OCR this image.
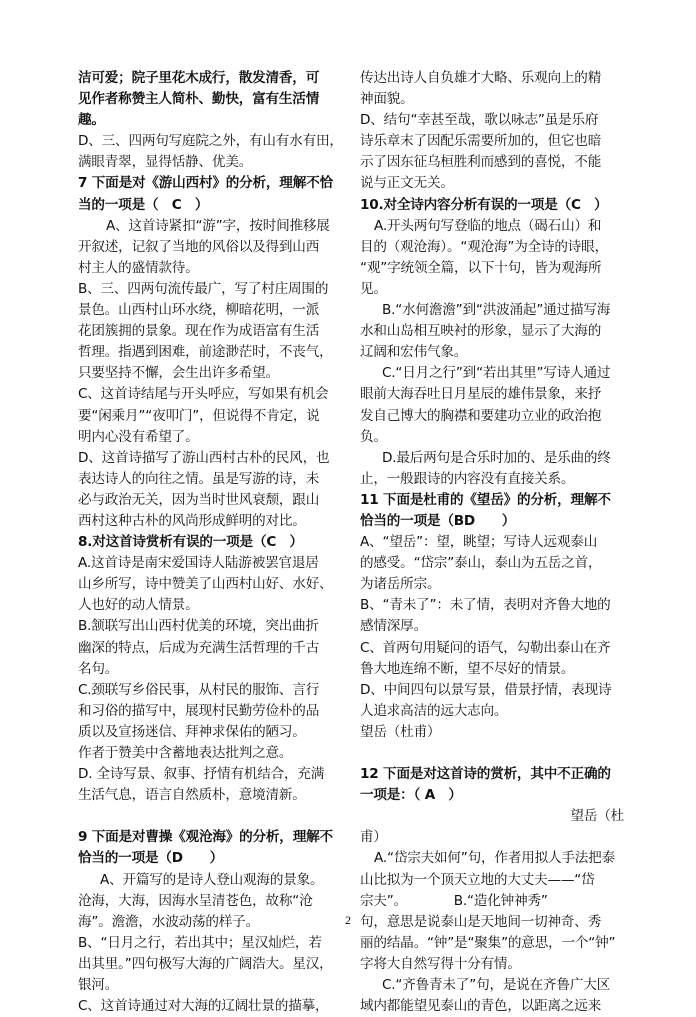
洁可爱；院子里花木成行，散发清香，可
见作者称赞主人简朴、勤快，富有生活情
趣。
D、三、四两句写庭院之外，有山有水有田，
满眼青翠，显得恬静、优美。
7 下面是对《游山西村》的分析，理解不恰
当的一项是（　C　）
A、这首诗紧扣“游”字，按时间推移展
开叙述，记叙了当地的风俗以及得到山西
村主人的盛情款待。
B、三、四两句流传最广，写了村庄周围的
景色。山西村山环水绕，柳暗花明，一派
花团簇拥的景象。现在作为成语富有生活
哲理。指遇到困难，前途渺茫时，不丧气，
只要坚持不懈，会生出许多希望。
C、这首诗结尾与开头呼应，写如果有机会
要“闲乘月”“夜叩门”，但说得不肯定，说
明内心没有希望了。
D、这首诗描写了游山西村古朴的民风，也
表达诗人的向往之情。虽是写游的诗，未
必与政治无关，因为当时世风衰颓，跟山
西村这种古朴的风尚形成鲜明的对比。
8.对这首诗赏析有误的一项是（C　）
A.这首诗是南宋爱国诗人陆游被罢官退居
山乡所写，诗中赞美了山西村山好、水好、
人也好的动人情景。
B.颔联写出山西村优美的环境，突出曲折
幽深的特点，后成为充满生活哲理的千古
名句。
C.颈联写乡俗民事，从村民的服饰、言行
和习俗的描写中，展现村民勤劳俭朴的品
质以及宣扬迷信、拜神求保佑的陋习。
作者于赞美中含蓄地表达批判之意。
D. 全诗写景、叙事、抒情有机结合，充满
生活气息，语言自然质朴，意境清新。
9 下面是对曹操《观沧海》的分析，理解不
恰当的一项是（D　　）
A、开篇写的是诗人登山观海的景象。
沧海，大海，因海水呈清苍色，故称“沧
海”。澹澹，水波动荡的样子。
B、“日月之行，若出其中；星汉灿烂，若
出其里。”四句极写大海的广阔浩大。星汉，
银河。
C、这首诗通过对大海的辽阔壮景的描摹，
传达出诗人自负雄才大略、乐观向上的精
神面貌。
D、结句“幸甚至哉，歌以咏志”虽是乐府
诗乐章末了因配乐需要所加的，但它也暗
示了因东征乌桓胜利而感到的喜悦，不能
说与正文无关。
10.对全诗内容分析有误的一项是（C　）
A.开头两句写登临的地点（碣石山）和
目的（观沧海）。“观沧海”为全诗的诗眼，
“观”字统领全篇，以下十句，皆为观海所
见。
B.“水何澹澹”到“洪波涌起”通过描写海
水和山岛相互映衬的形象，显示了大海的
辽阔和宏伟气象。
C.“日月之行”到“若出其里”写诗人通过
眼前大海吞吐日月星辰的雄伟景象，来抒
发自己博大的胸襟和要建功立业的政治抱
负。
D.最后两句是合乐时加的、是乐曲的终
止，一般跟诗的内容没有直接关系。
11 下面是杜甫的《望岳》的分析，理解不
恰当的一项是（BD　　）
A、“望岳”：望，眺望；写诗人远观泰山
的感受。“岱宗”泰山，泰山为五岳之首，
为诸岳所宗。
B、“青未了”：未了情，表明对齐鲁大地的
感情深厚。
C、首两句用疑问的语气，勾勒出泰山在齐
鲁大地连绵不断，望不尽好的情景。
D、中间四句以景写景，借景抒情，表现诗
人追求高洁的远大志向。
望岳（杜甫）
12 下面是对这首诗的赏析，其中不正确的
一项是：（ A　）
望岳（杜
甫）
A.“岱宗夫如何”句，作者用拟人手法把泰
山比拟为一个顶天立地的大丈夫——“岱
宗夫”。　　　　B.“造化钟神秀”
句，意思是说泰山是天地间一切神奇、秀
丽的结晶。“钟”是“聚集”的意思，一个“钟”
字将大自然写得十分有情。
C.“齐鲁青未了”句，是说在齐鲁广大区
域内都能望见泰山的青色，以距离之远来
2
